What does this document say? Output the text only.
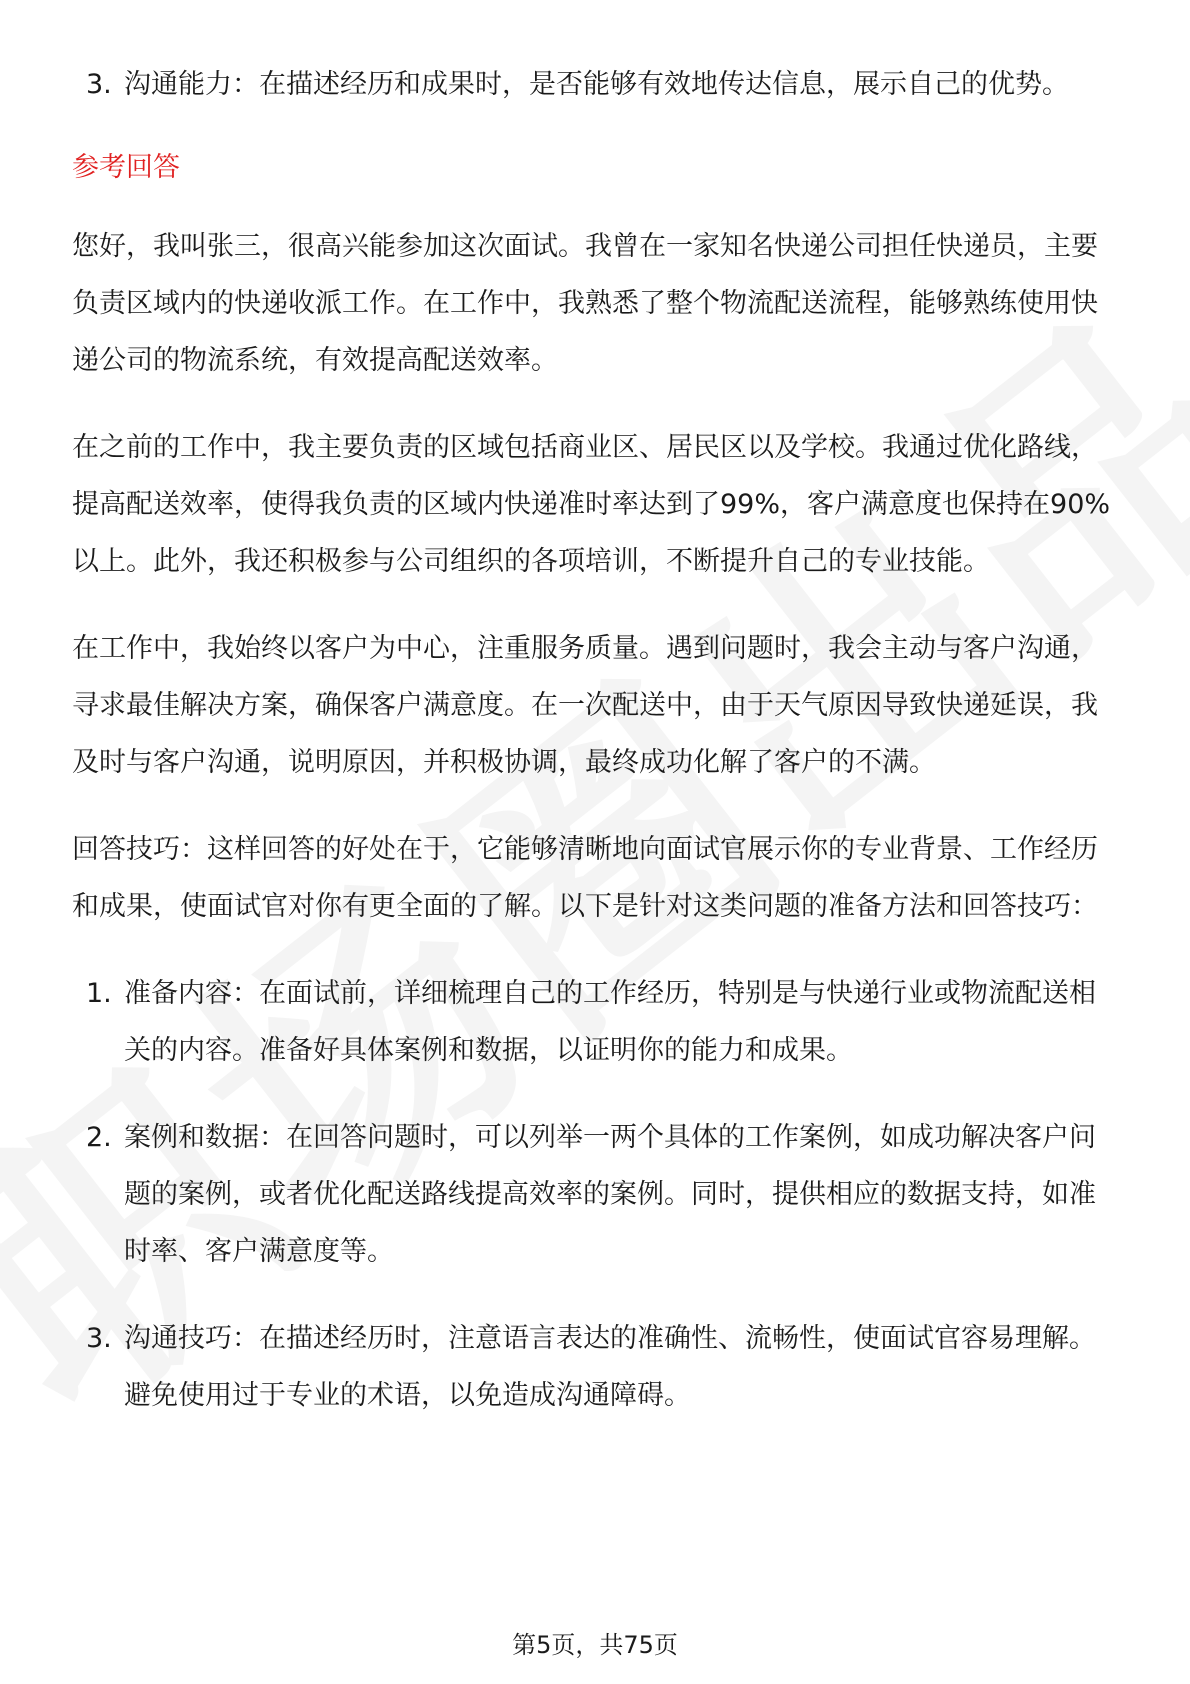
3. 沟通能力：在描述经历和成果时，是否能够有效地传达信息，展示自己的优势。
参考回答
您好，我叫张三，很高兴能参加这次面试。我曾在一家知名快递公司担任快递员，主要负责区域内的快递收派工作。在工作中，我熟悉了整个物流配送流程，能够熟练使用快递公司的物流系统，有效提高配送效率。
在之前的工作中，我主要负责的区域包括商业区、居民区以及学校。我通过优化路线，提高配送效率，使得我负责的区域内快递准时率达到了99%，客户满意度也保持在90%以上。此外，我还积极参与公司组织的各项培训，不断提升自己的专业技能。
在工作中，我始终以客户为中心，注重服务质量。遇到问题时，我会主动与客户沟通，寻求最佳解决方案，确保客户满意度。在一次配送中，由于天气原因导致快递延误，我及时与客户沟通，说明原因，并积极协调，最终成功化解了客户的不满。
回答技巧：这样回答的好处在于，它能够清晰地向面试官展示你的专业背景、工作经历和成果，使面试官对你有更全面的了解。以下是针对这类问题的准备方法和回答技巧：
1. 准备内容：在面试前，详细梳理自己的工作经历，特别是与快递行业或物流配送相关的内容。准备好具体案例和数据，以证明你的能力和成果。
2. 案例和数据：在回答问题时，可以列举一两个具体的工作案例，如成功解决客户问题的案例，或者优化配送路线提高效率的案例。同时，提供相应的数据支持，如准时率、客户满意度等。
3. 沟通技巧：在描述经历时，注意语言表达的准确性、流畅性，使面试官容易理解。避免使用过于专业的术语，以免造成沟通障碍。
第5页，共75页
